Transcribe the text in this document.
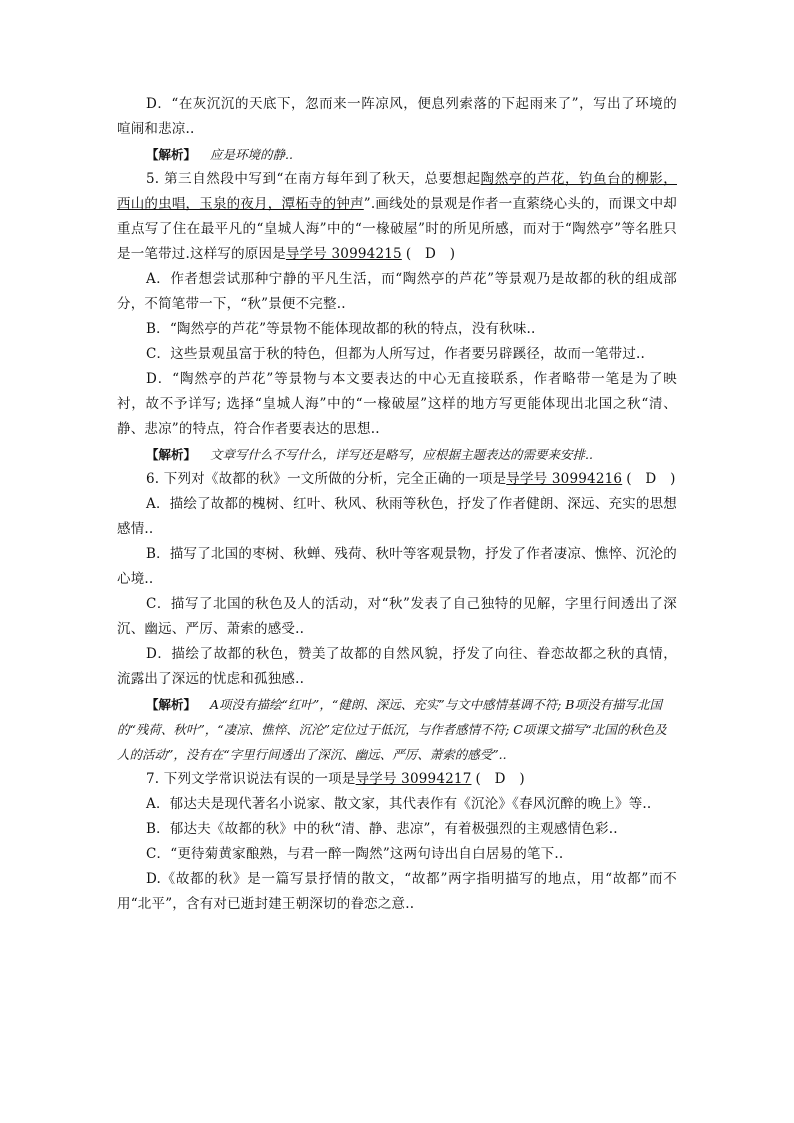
D．“在灰沉沉的天底下，忽而来一阵凉风，便息列索落的下起雨来了”，写出了环境的喧闹和悲凉..

【解析】 应是环境的静..

5. 第三自然段中写到“在南方每年到了秋天，总要想起陶然亭的芦花，钓鱼台的柳影，西山的虫唱，玉泉的夜月，潭柘寺的钟声”.画线处的景观是作者一直萦绕心头的，而课文中却重点写了住在最平凡的“皇城人海”中的“一椽破屋”时的所见所感，而对于“陶然亭”等名胜只是一笔带过.这样写的原因是导学号 30994215 (　D　)

A．作者想尝试那种宁静的平凡生活，而“陶然亭的芦花”等景观乃是故都的秋的组成部分，不简笔带一下，“秋”景便不完整..

B．“陶然亭的芦花”等景物不能体现故都的秋的特点，没有秋味..

C．这些景观虽富于秋的特色，但都为人所写过，作者要另辟蹊径，故而一笔带过..

D．“陶然亭的芦花”等景物与本文要表达的中心无直接联系，作者略带一笔是为了映衬，故不予详写; 选择“皇城人海”中的“一椽破屋”这样的地方写更能体现出北国之秋“清、静、悲凉”的特点，符合作者要表达的思想..

【解析】 文章写什么不写什么，详写还是略写，应根据主题表达的需要来安排..

6. 下列对《故都的秋》一文所做的分析，完全正确的一项是导学号 30994216 (　D　)

A．描绘了故都的槐树、红叶、秋风、秋雨等秋色，抒发了作者健朗、深远、充实的思想感情..

B．描写了北国的枣树、秋蝉、残荷、秋叶等客观景物，抒发了作者凄凉、憔悴、沉沦的心境..

C．描写了北国的秋色及人的活动，对“秋”发表了自己独特的见解，字里行间透出了深沉、幽远、严厉、萧索的感受..

D．描绘了故都的秋色，赞美了故都的自然风貌，抒发了向往、眷恋故都之秋的真情，流露出了深远的忧虑和孤独感..

【解析】 A项没有描绘“红叶”，“健朗、深远、充实”与文中感情基调不符; B项没有描写北国的“残荷、秋叶”，“凄凉、憔悴、沉沦”定位过于低沉，与作者感情不符; C项课文描写“北国的秋色及人的活动”，没有在“字里行间透出了深沉、幽远、严厉、萧索的感受”..

7. 下列文学常识说法有误的一项是导学号 30994217 (　D　)

A．郁达夫是现代著名小说家、散文家，其代表作有《沉沦》《春风沉醉的晚上》等..

B．郁达夫《故都的秋》中的秋“清、静、悲凉”，有着极强烈的主观感情色彩..

C．“更待菊黄家酿熟，与君一醉一陶然”这两句诗出自白居易的笔下..

D.《故都的秋》是一篇写景抒情的散文，“故都”两字指明描写的地点，用“故都”而不用“北平”，含有对已逝封建王朝深切的眷恋之意..
